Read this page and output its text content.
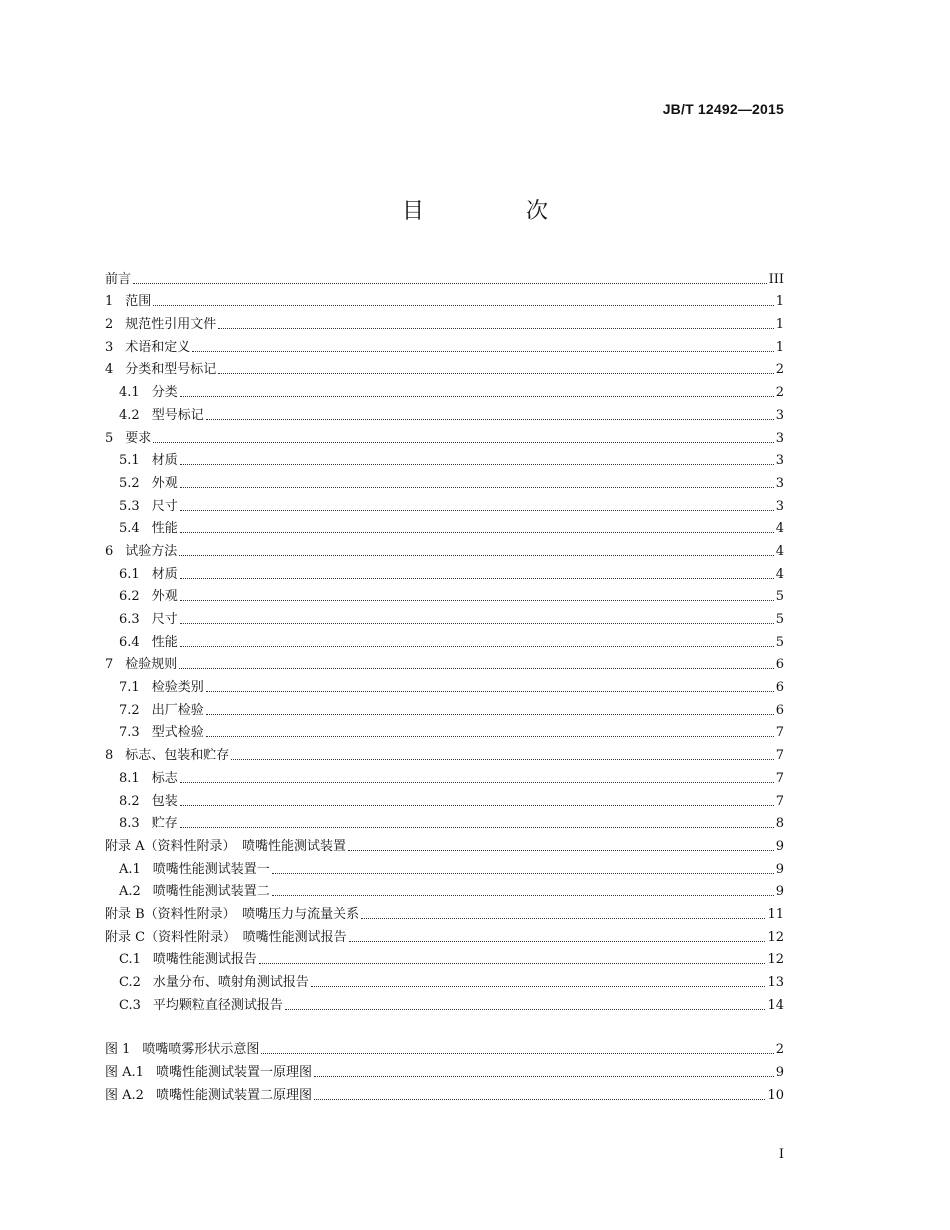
JB/T 12492—2015
目　次
前言	III
1 范围	1
2 规范性引用文件	1
3 术语和定义	1
4 分类和型号标记	2
4.1 分类	2
4.2 型号标记	3
5 要求	3
5.1 材质	3
5.2 外观	3
5.3 尺寸	3
5.4 性能	4
6 试验方法	4
6.1 材质	4
6.2 外观	5
6.3 尺寸	5
6.4 性能	5
7 检验规则	6
7.1 检验类别	6
7.2 出厂检验	6
7.3 型式检验	7
8 标志、包装和贮存	7
8.1 标志	7
8.2 包装	7
8.3 贮存	8
附录 A（资料性附录）　喷嘴性能测试装置	9
A.1 喷嘴性能测试装置一	9
A.2 喷嘴性能测试装置二	9
附录 B（资料性附录）　喷嘴压力与流量关系	11
附录 C（资料性附录）　喷嘴性能测试报告	12
C.1 喷嘴性能测试报告	12
C.2 水量分布、喷射角测试报告	13
C.3 平均颗粒直径测试报告	14
图 1 喷嘴喷雾形状示意图	2
图 A.1 喷嘴性能测试装置一原理图	9
图 A.2 喷嘴性能测试装置二原理图	10
I
